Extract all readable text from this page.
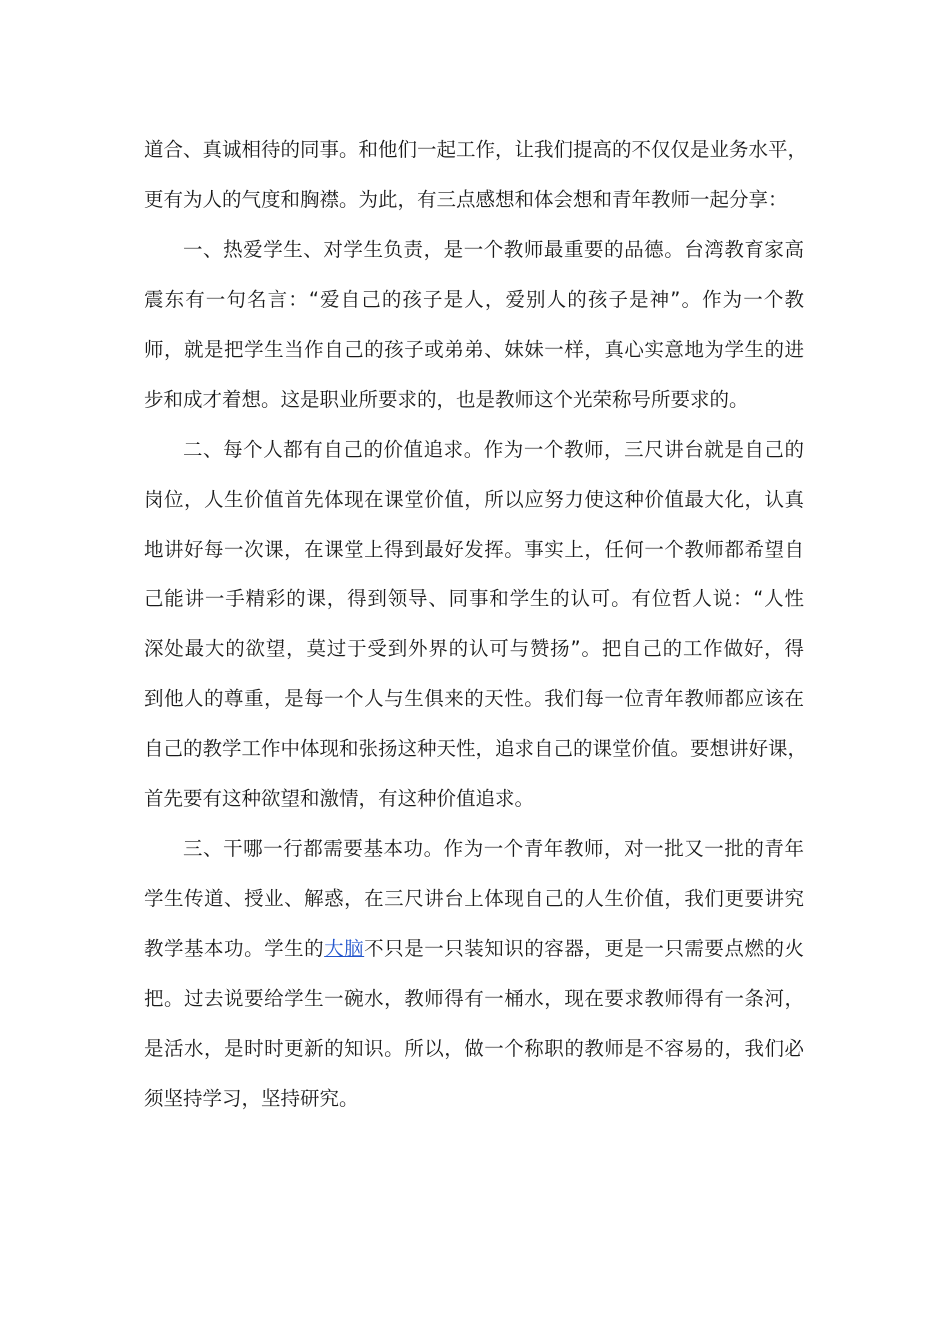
道合、真诚相待的同事。和他们一起工作，让我们提高的不仅仅是业务水平，
更有为人的气度和胸襟。为此，有三点感想和体会想和青年教师一起分享：
一、热爱学生、对学生负责，是一个教师最重要的品德。台湾教育家高
震东有一句名言：“爱自己的孩子是人，爱别人的孩子是神”。作为一个教
师，就是把学生当作自己的孩子或弟弟、妹妹一样，真心实意地为学生的进
步和成才着想。这是职业所要求的，也是教师这个光荣称号所要求的。
二、每个人都有自己的价值追求。作为一个教师，三尺讲台就是自己的
岗位，人生价值首先体现在课堂价值，所以应努力使这种价值最大化，认真
地讲好每一次课，在课堂上得到最好发挥。事实上，任何一个教师都希望自
己能讲一手精彩的课，得到领导、同事和学生的认可。有位哲人说：“人性
深处最大的欲望，莫过于受到外界的认可与赞扬”。把自己的工作做好，得
到他人的尊重，是每一个人与生俱来的天性。我们每一位青年教师都应该在
自己的教学工作中体现和张扬这种天性，追求自己的课堂价值。要想讲好课，
首先要有这种欲望和激情，有这种价值追求。
三、干哪一行都需要基本功。作为一个青年教师，对一批又一批的青年
学生传道、授业、解惑，在三尺讲台上体现自己的人生价值，我们更要讲究
教学基本功。学生的大脑不只是一只装知识的容器，更是一只需要点燃的火
把。过去说要给学生一碗水，教师得有一桶水，现在要求教师得有一条河，
是活水，是时时更新的知识。所以，做一个称职的教师是不容易的，我们必
须坚持学习，坚持研究。
